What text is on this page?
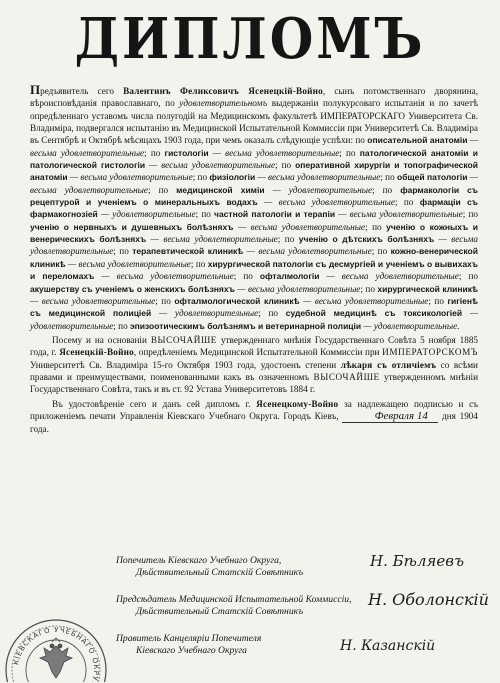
ДИПЛОМЪ

Предъявитель сего Валентинъ Феликсовичъ Ясенецкій-Войно, сынъ потомственнаго дворянина, вѣроисповѣданія православнаго, по удовлетворительномъ выдержаніи полукурсоваго испытанія и по зачетѣ опредѣленнаго уставомъ числа полугодій на Медицинскомъ факультетѣ ИМПЕРАТОРСКАГО Университета Св. Владиміра, подвергался испытанію въ Медицинской Испытательной Коммиссіи при Университетѣ Св. Владиміра въ Сентябрѣ и Октябрѣ мѣсяцахъ 1903 года, при чемъ оказалъ слѣдующіе успѣхи: по описательной анатоміи — весьма удовлетворительные; по гистологіи — весьма удовлетворительные; по патологической анатоміи и патологической гистологіи — весьма удовлетворительные; по оперативной хирургіи и топографической анатоміи — весьма удовлетворительные; по физіологіи — весьма удовлетворительные; по общей патологіи — весьма удовлетворительные; по медицинской химіи — удовлетворительные; по фармакологіи съ рецептурой и ученіемъ о минеральныхъ водахъ — весьма удовлетворительные; по фармаціи съ фармакогнозіей — удовлетворительные; по частной патологіи и терапіи — весьма удовлетворительные; по ученію о нервныхъ и душевныхъ болѣзняхъ — весьма удовлетворительные; по ученію о кожныхъ и венерическихъ болѣзняхъ — весьма удовлетворительные; по ученію о дѣтскихъ болѣзняхъ — весьма удовлетворительные; по терапевтической клиникѣ — весьма удовлетворительные; по кожно-венерической клиникѣ — весьма удовлетворительные; по хирургической патологіи съ десмургіей и ученіемъ о вывихахъ и переломахъ — весьма удовлетворительные; по офталмологіи — весьма удовлетворительные; по акушерству съ ученіемъ о женскихъ болѣзняхъ — весьма удовлетворительные; по хирургической клиникѣ — весьма удовлетворительные; по офталмологической клиникѣ — весьма удовлетворительные; по гигіенѣ съ медицинской полиціей — удовлетворительные; по судебной медицинѣ съ токсикологіей — удовлетворительные; по эпизоотическимъ болѣзнямъ и ветеринарной полиціи — удовлетворительные.

Посему и на основаніи ВЫСОЧАЙШЕ утвержденнаго мнѣнія Государственнаго Совѣта 5 ноября 1885 года, г. Ясенецкій-Войно, опредѣленіемъ Медицинской Испытательной Коммиссіи при ИМПЕРАТОРСКОМЪ Университетѣ Св. Владиміра 15-го Октября 1903 года, удостоенъ степени лѣкаря съ отличіемъ со всѣми правами и преимуществами, поименованными какъ въ означенномъ ВЫСОЧАЙШЕ утвержденномъ мнѣніи Государственнаго Совѣта, такъ и въ ст. 92 Устава Университетовъ 1884 г.

Въ удостовѣреніе сего и данъ сей дипломъ г. Ясенецкому-Войно за надлежащею подписью и съ приложеніемъ печати Управленія Кіевскаго Учебнаго Округа. Городъ Кіевъ,	Февраля 14 дня 1904 года.

Попечитель Кіевскаго Учебнаго Округа,
Дѣйствительный Статскій Совѣтникъ
Н. Бѣляевъ
Предсѣдатель Медицинской Испытательной Коммиссіи,
Дѣйствительный Статскій Совѣтникъ
Н. Оболонскій
Правитель Канцеляріи Попечителя
Кіевскаго Учебнаго Округа	Н. Казанскій
КІЕВСКАГО УЧЕБНАГО ОКРУ
